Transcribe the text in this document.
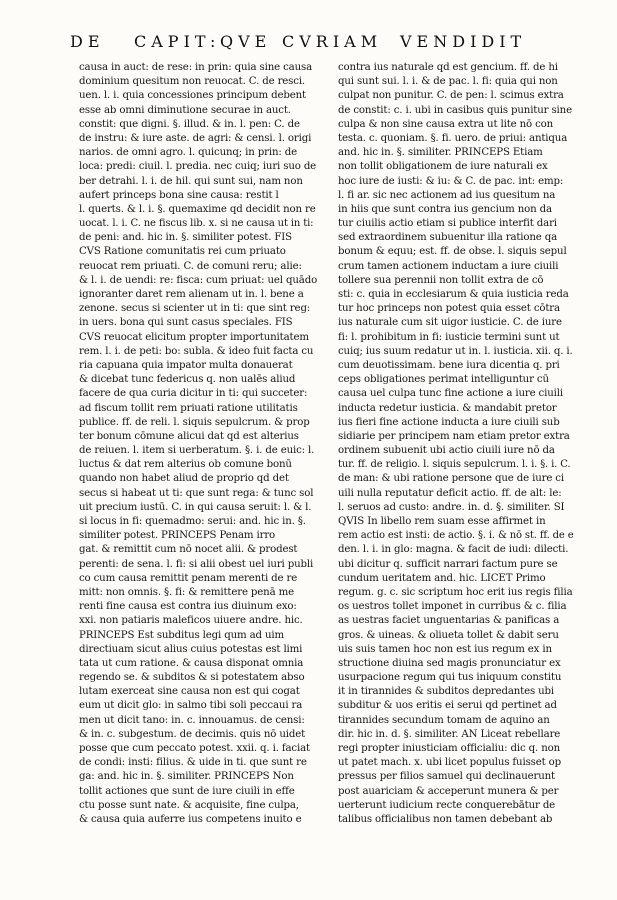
DE CAPIT: QVE CVRIAM VENDIDIT
causa in auct: de rese: in prin: quia sine causa
dominium quesitum non reuocat. C. de resci.
uen. l. i. quia concessiones principum debent
esse ab omni diminutione securae in auct.
constit: que digni. §. illud. & in. l. pen: C. de
de instru: & iure aste. de agri: & censi. l. origi
narios. de omni agro. l. quicunq; in prin: de
loca: predi: ciuil. l. predia. nec cuiq; iuri suo de
ber detrahi. l. i. de hil. qui sunt sui, nam non
aufert princeps bona sine causa: restit l
l. querts. & l. i. §. quemaxime qd decidit non re
uocat. l. i. C. ne fiscus lib. x. si ne causa ut in ti:
de peni: and. hic in. §. similiter potest. FIS
CVS Ratione comunitatis rei cum priuato
reuocat rem priuati. C. de comuni reru; alie:
& l. i. de uendi: re: fisca: cum priuat: uel quādo
ignoranter daret rem alienam ut in. l. bene a
zenone. secus si scienter ut in ti: que sint reg:
in uers. bona qui sunt casus speciales. FIS
CVS reuocat elicitum propter importunitatem
rem. l. i. de peti: bo: subla. & ideo fuit facta cu
ria capuana quia impator multa donauerat
& dicebat tunc federicus q. non ualēs aliud
facere de qua curia dicitur in ti: qui succeter:
ad fiscum tollit rem priuati ratione utilitatis
publice. ff. de reli. l. siquis sepulcrum. & prop
ter bonum cōmune alicui dat qd est alterius
de reiuen. l. item si uerberatum. §. i. de euic: l.
luctus & dat rem alterius ob comune bonū
quando non habet aliud de proprio qd det
secus si habeat ut ti: que sunt rega: & tunc sol
uit precium iustū. C. in qui causa seruit: l. & l.
si locus in fi: quemadmo: serui: and. hic in. §.
similiter potest. PRINCEPS Penam irro
gat. & remittit cum nō nocet alii. & prodest
perenti: de sena. l. fi: si alii obest uel iuri publi
co cum causa remittit penam merenti de re
mitt: non omnis. §. fi: & remittere penā me
renti fine causa est contra ius diuinum exo:
xxi. non patiaris maleficos uiuere andre. hic.
PRINCEPS Est subditus legi qum ad uim
directiuam sicut alius cuius potestas est limi
tata ut cum ratione. & causa disponat omnia
regendo se. & subditos & si potestatem abso
lutam exerceat sine causa non est qui cogat
eum ut dicit glo: in salmo tibi soli peccaui ra
men ut dicit tano: in. c. innouamus. de censi:
& in. c. subgestum. de decimis. quis nō uidet
posse que cum peccato potest. xxii. q. i. faciat
de condi: insti: filius. & uide in ti. que sunt re
ga: and. hic in. §. similiter. PRINCEPS Non
tollit actiones que sunt de iure ciuili in effe
ctu posse sunt nate. & acquisite, fine culpa,
& causa quia auferre ius competens inuito e
contra ius naturale qd est gencium. ff. de hi
qui sunt sui. l. i. & de pac. l. fi: quia qui non
culpat non punitur. C. de pen: l. scimus extra
de constit: c. i. ubi in casibus quis punitur sine
culpa & non sine causa extra ut lite nō con
testa. c. quoniam. §. fi. uero. de priui: antiqua
and. hic in. §. similiter. PRINCEPS Etiam
non tollit obligationem de iure naturali ex
hoc iure de iusti: & iu: & C. de pac. int: emp:
l. fi ar. sic nec actionem ad ius quesitum na
in hiis que sunt contra ius gencium non da
tur ciuilis actio etiam si publice interfit dari
sed extraordinem subuenitur illa ratione qa
bonum & equu; est. ff. de obse. l. siquis sepul
crum tamen actionem inductam a iure ciuili
tollere sua perennii non tollit extra de cō
sti: c. quia in ecclesiarum & quia iusticia reda
tur hoc princeps non potest quia esset cōtra
ius naturale cum sit uigor iusticie. C. de iure
fi: l. prohibitum in fi: iusticie termini sunt ut
cuiq; ius suum redatur ut in. l. iusticia. xii. q. i.
cum deuotissimam. bene iura dicentia q. pri
ceps obligationes perimat intelliguntur cū
causa uel culpa tunc fine actione a iure ciuili
inducta redetur iusticia. & mandabit pretor
ius fieri fine actione inducta a iure ciuili sub
sidiarie per principem nam etiam pretor extra
ordinem subuenit ubi actio ciuili iure nō da
tur. ff. de religio. l. siquis sepulcrum. l. i. §. i. C.
de man: & ubi ratione persone que de iure ci
uili nulla reputatur deficit actio. ff. de alt: le:
l. seruos ad custo: andre. in. d. §. similiter. SI
QVIS In libello rem suam esse affirmet in
rem actio est insti: de actio. §. i. & nō st. ff. de e
den. l. i. in glo: magna. & facit de iudi: dilecti.
ubi dicitur q. sufficit narrari factum pure se
cundum ueritatem and. hic. LICET Primo
regum. g. c. sic scriptum hoc erit ius regis filia
os uestros tollet imponet in curribus & c. filia
as uestras faciet unguentarias & panificas a
gros. & uineas. & oliueta tollet & dabit seru
uis suis tamen hoc non est ius regum ex in
structione diuina sed magis pronunciatur ex
usurpacione regum qui tus iniquum constitu
it in tirannides & subditos depredantes ubi
subditur & uos eritis ei serui qd pertinet ad
tirannides secundum tomam de aquino an
dir. hic in. d. §. similiter. AN Liceat rebellare
regi propter iniusticiam officialiu: dic q. non
ut patet mach. x. ubi licet populus fuisset op
pressus per filios samuel qui declinauerunt
post auariciam & acceperunt munera & per
uerterunt iudicium recte conquerebātur de
talibus officialibus non tamen debebant ab
